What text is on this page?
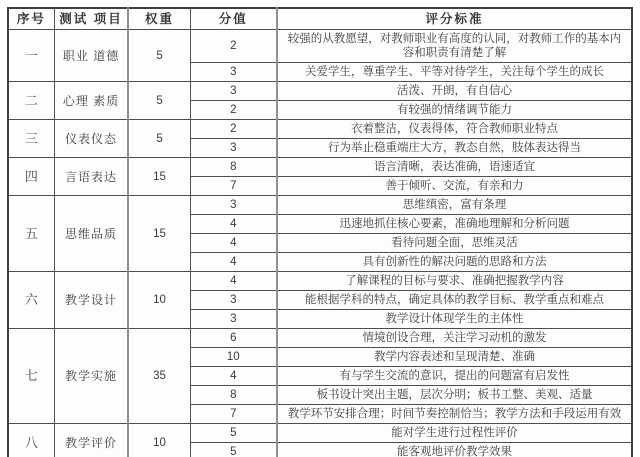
序号	测试 项目	权重	分值	评分标准
一	职业 道德	5	2	较强的从教愿望，对教师职业有高度的认同，对教师工作的基本内容和职责有清楚了解
			3	关爱学生，尊重学生、平等对待学生，关注每个学生的成长
二	心理 素质	5	3	活泼、开朗，有自信心
			2	有较强的情绪调节能力
三	仪表仪态	5	2	衣着整洁，仪表得体，符合教师职业特点
			3	行为举止稳重端庄大方，教态自然，肢体表达得当
四	言语表达	15	8	语言清晰，表达准确，语速适宜
			7	善于倾听、交流，有亲和力
五	思维品质	15	3	思维缜密，富有条理
			4	迅速地抓住核心要素，准确地理解和分析问题
			4	看待问题全面，思维灵活
			4	具有创新性的解决问题的思路和方法
六	教学设计	10	4	了解课程的目标与要求、准确把握教学内容
			3	能根据学科的特点，确定具体的教学目标、教学重点和难点
			3	教学设计体现学生的主体性
七	教学实施	35	6	情境创设合理，关注学习动机的激发
			10	教学内容表述和呈现清楚、准确
			4	有与学生交流的意识，提出的问题富有启发性
			8	板书设计突出主题，层次分明；板书工整、美观、适量
			7	教学环节安排合理；时间节奏控制恰当；教学方法和手段运用有效
八	教学评价	10	5	能对学生进行过程性评价
			5	能客观地评价教学效果
